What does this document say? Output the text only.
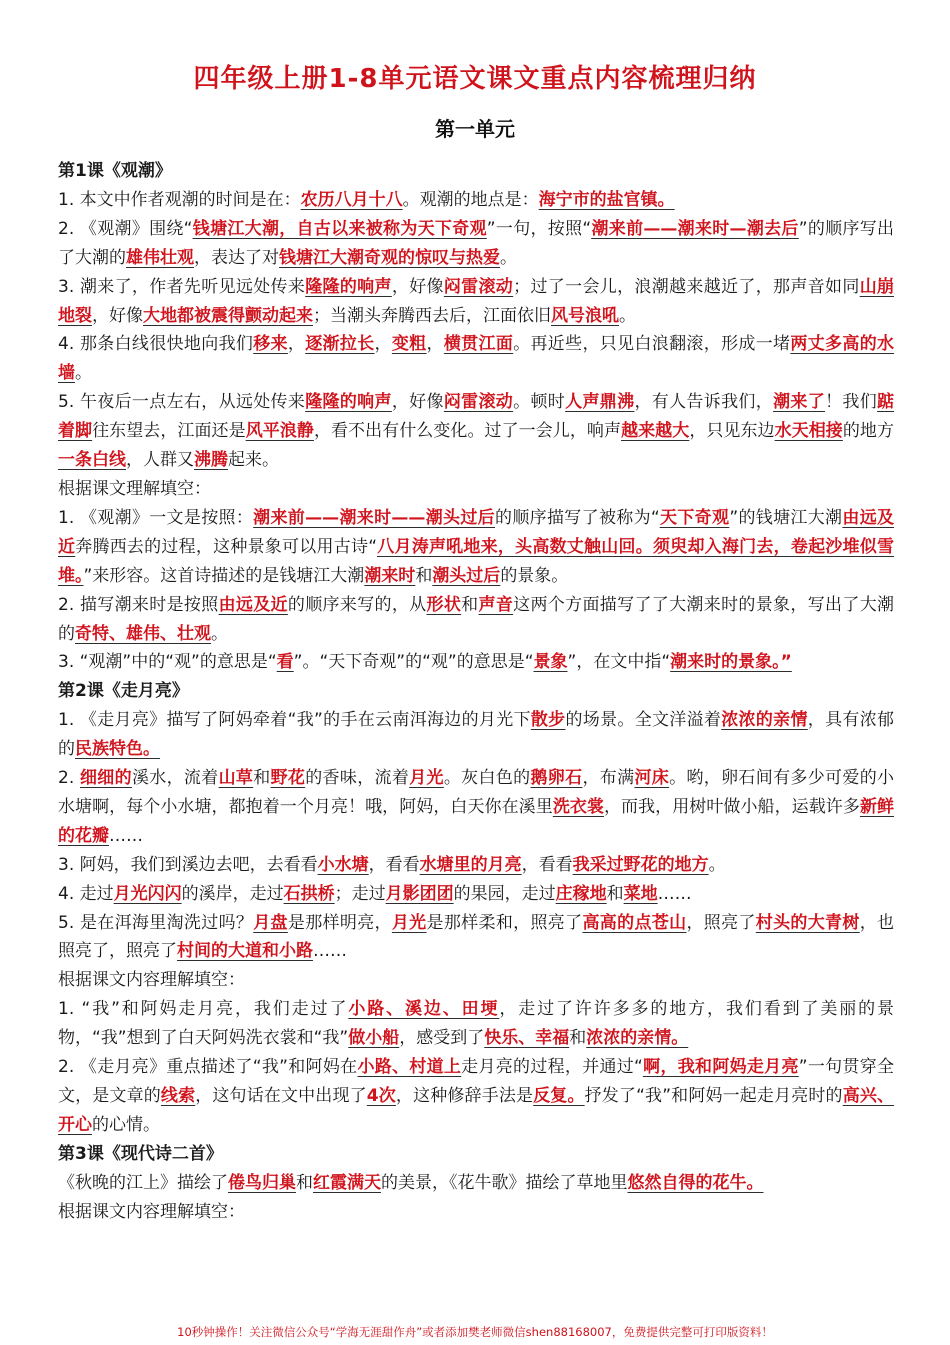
四年级上册1-8单元语文课文重点内容梳理归纳
第一单元

第1课《观潮》

1. 本文中作者观潮的时间是在：农历八月十八。观潮的地点是：海宁市的盐官镇。

2. 《观潮》围绕“钱塘江大潮，自古以来被称为天下奇观”一句，按照“潮来前——潮来时—潮去后”的顺序写出了大潮的雄伟壮观，表达了对钱塘江大潮奇观的惊叹与热爱。

3. 潮来了，作者先听见远处传来隆隆的响声，好像闷雷滚动；过了一会儿，浪潮越来越近了，那声音如同山崩地裂，好像大地都被震得颤动起来；当潮头奔腾西去后，江面依旧风号浪吼。

4. 那条白线很快地向我们移来，逐渐拉长，变粗，横贯江面。再近些，只见白浪翻滚，形成一堵两丈多高的水墙。

5. 午夜后一点左右，从远处传来隆隆的响声，好像闷雷滚动。顿时人声鼎沸，有人告诉我们，潮来了！我们踮着脚往东望去，江面还是风平浪静，看不出有什么变化。过了一会儿，响声越来越大，只见东边水天相接的地方一条白线，人群又沸腾起来。

根据课文理解填空：

1. 《观潮》一文是按照：潮来前——潮来时——潮头过后的顺序描写了被称为“天下奇观”的钱塘江大潮由远及近奔腾西去的过程，这种景象可以用古诗“八月涛声吼地来，头高数丈触山回。须臾却入海门去，卷起沙堆似雪堆。”来形容。这首诗描述的是钱塘江大潮潮来时和潮头过后的景象。

2. 描写潮来时是按照由远及近的顺序来写的，从形状和声音这两个方面描写了了大潮来时的景象，写出了大潮的奇特、雄伟、壮观。

3. “观潮”中的“观”的意思是“看”。“天下奇观”的“观”的意思是“景象”，在文中指“潮来时的景象。”

第2课《走月亮》

1. 《走月亮》描写了阿妈牵着“我”的手在云南洱海边的月光下散步的场景。全文洋溢着浓浓的亲情，具有浓郁的民族特色。

2. 细细的溪水，流着山草和野花的香味，流着月光。灰白色的鹅卵石，布满河床。哟，卵石间有多少可爱的小水塘啊，每个小水塘，都抱着一个月亮！哦，阿妈，白天你在溪里洗衣裳，而我，用树叶做小船，运载许多新鲜的花瓣……

3. 阿妈，我们到溪边去吧，去看看小水塘，看看水塘里的月亮，看看我采过野花的地方。

4. 走过月光闪闪的溪岸，走过石拱桥；走过月影团团的果园，走过庄稼地和菜地……

5. 是在洱海里淘洗过吗？月盘是那样明亮，月光是那样柔和，照亮了高高的点苍山，照亮了村头的大青树，也照亮了，照亮了村间的大道和小路……

根据课文内容理解填空：

1. “我”和阿妈走月亮，我们走过了小路、溪边、田埂，走过了许许多多的地方，我们看到了美丽的景物，“我”想到了白天阿妈洗衣裳和“我”做小船，感受到了快乐、幸福和浓浓的亲情。

2. 《走月亮》重点描述了“我”和阿妈在小路、村道上走月亮的过程，并通过“啊，我和阿妈走月亮”一句贯穿全文，是文章的线索，这句话在文中出现了4次，这种修辞手法是反复。抒发了“我”和阿妈一起走月亮时的高兴、开心的心情。

第3课《现代诗二首》

《秋晚的江上》描绘了倦鸟归巢和红霞满天的美景，《花牛歌》描绘了草地里悠然自得的花牛。

根据课文内容理解填空：

10秒钟操作！关注微信公众号“学海无涯甜作舟”或者添加樊老师微信shen88168007，免费提供完整可打印版资料！
